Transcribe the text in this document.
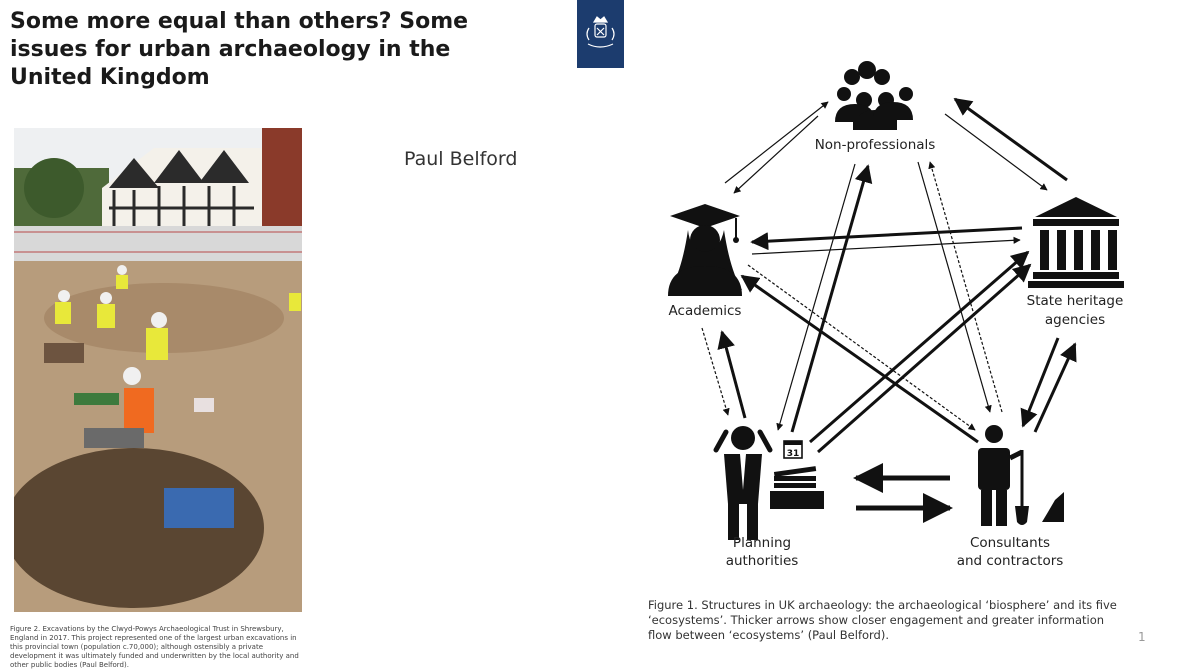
Some more equal than others? Some issues for urban archaeology in the United Kingdom
Paul Belford
Figure 2. Excavations by the Clwyd-Powys Archaeological Trust in Shrewsbury, England in 2017. This project represented one of the largest urban excavations in this provincial town (population c.70,000); although ostensibly a private development it was ultimately funded and underwritten by the local authority and other public bodies (Paul Belford).
Non-professionals
Academics
State heritage
agencies
31
Planning
authorities
Consultants
and contractors
Figure 1. Structures in UK archaeology: the archaeological ‘biosphere’ and its five ‘ecosystems’. Thicker arrows show closer engagement and greater information flow between ‘ecosystems’ (Paul Belford).	1
